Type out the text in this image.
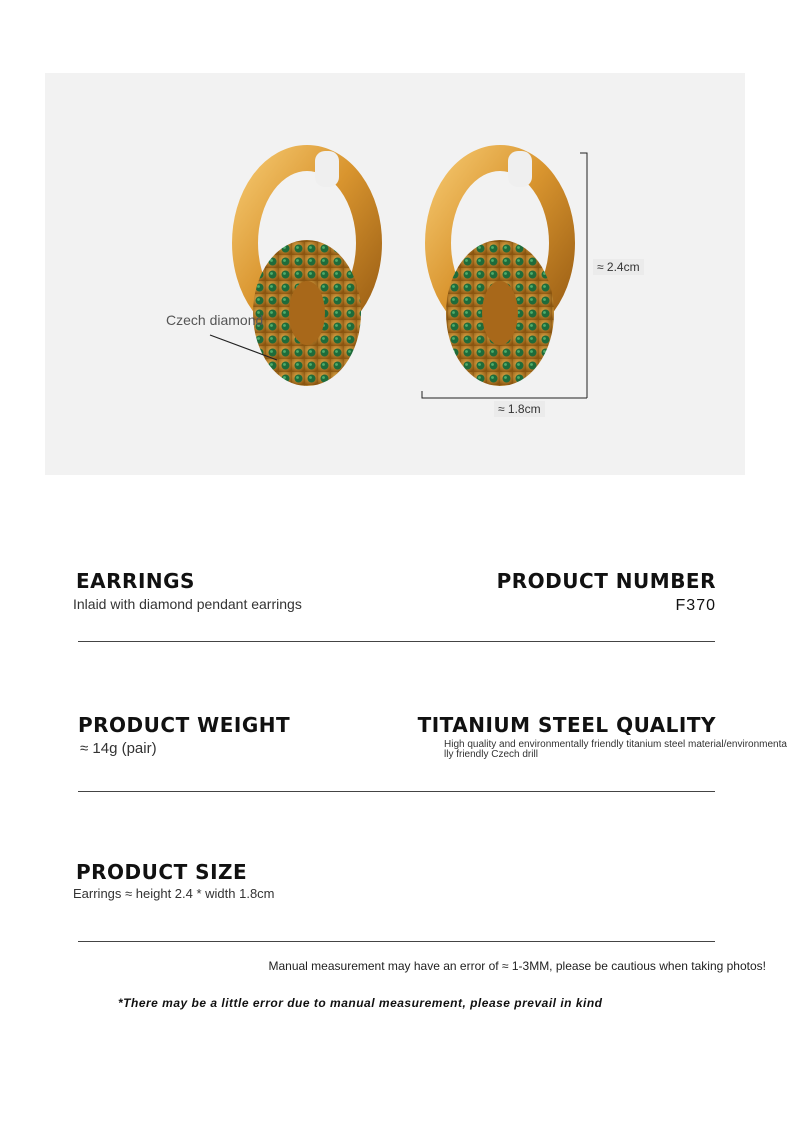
Czech diamond
≈ 2.4cm
≈ 1.8cm
EARRINGS
Inlaid with diamond pendant earrings
PRODUCT NUMBER
F370
PRODUCT WEIGHT
≈ 14g (pair)
TITANIUM STEEL QUALITY
High quality and environmentally friendly titanium steel material/environmentally friendly Czech drill
PRODUCT SIZE
Earrings ≈ height 2.4 * width 1.8cm
Manual measurement may have an error of ≈ 1-3MM, please be cautious when taking photos!
*There may be a little error due to manual measurement, please prevail in kind
